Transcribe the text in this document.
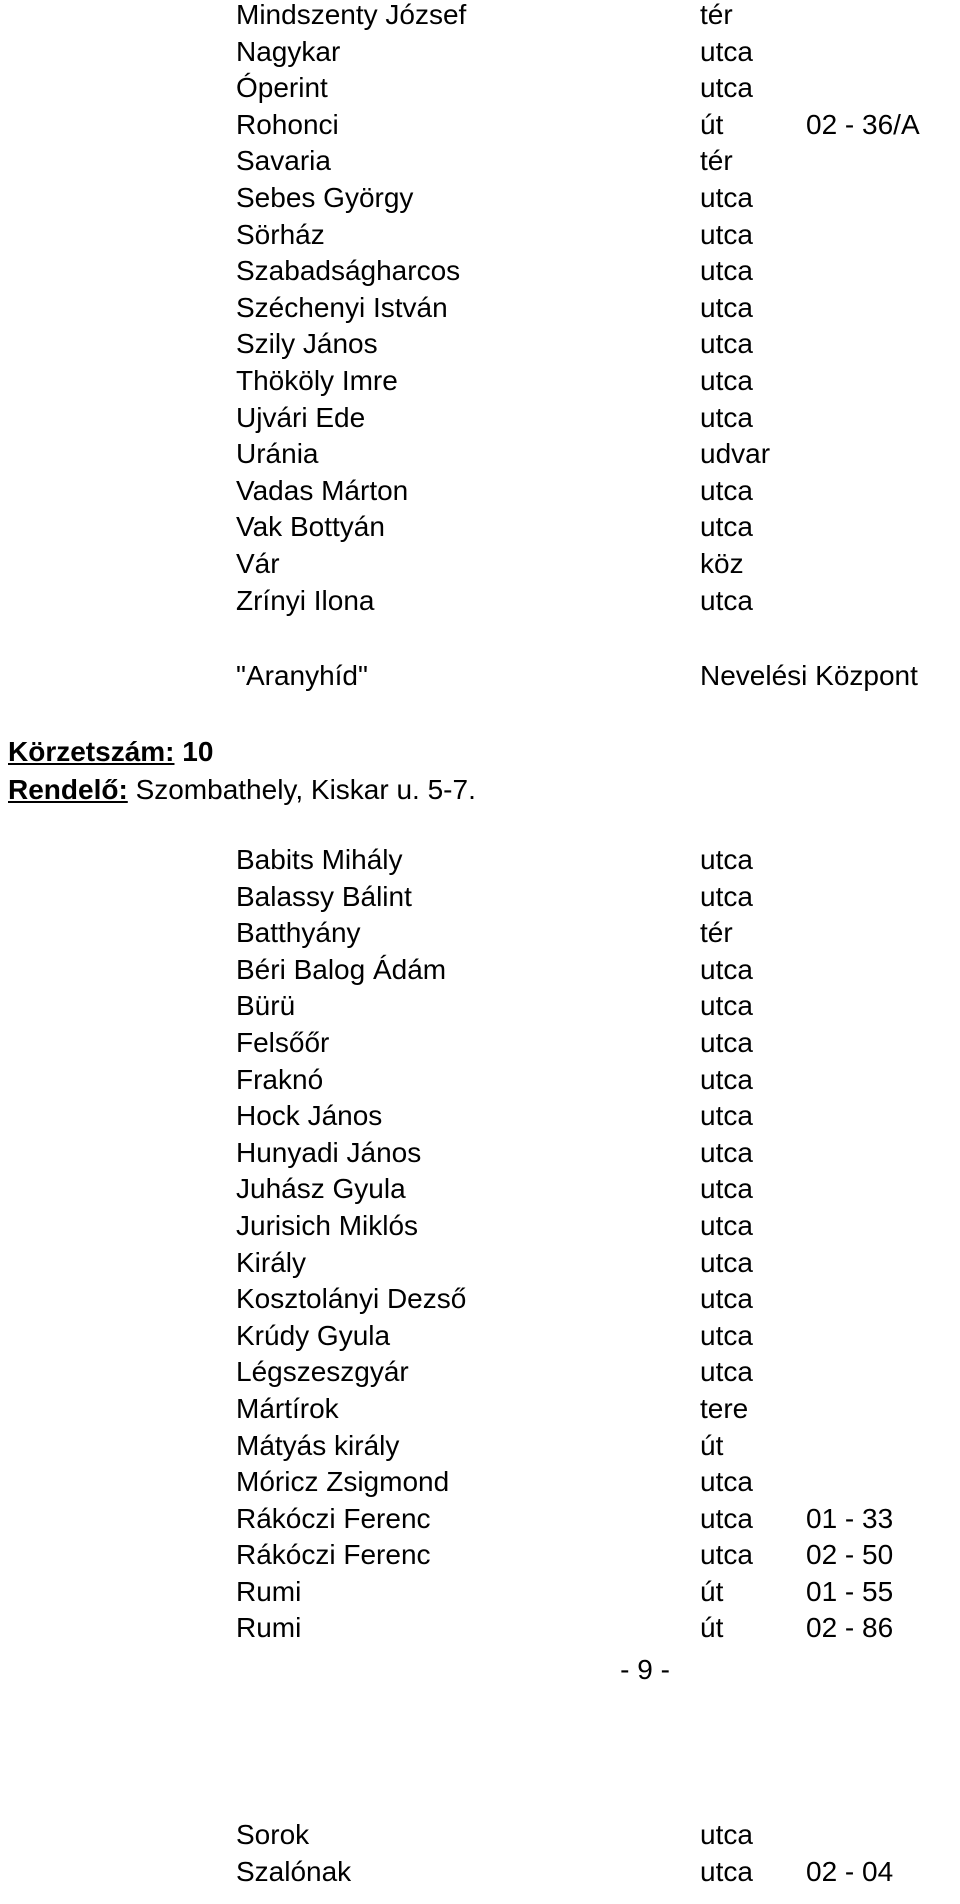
Mindszenty József	tér
Nagykar	utca
Óperint	utca
Rohonci	út	02 - 36/A
Savaria	tér
Sebes György	utca
Sörház	utca
Szabadságharcos	utca
Széchenyi István	utca
Szily János	utca
Thököly Imre	utca
Ujvári Ede	utca
Uránia	udvar
Vadas Márton	utca
Vak Bottyán	utca
Vár	köz
Zrínyi Ilona	utca
"Aranyhíd"	Nevelési Központ
Körzetszám: 10
Rendelő: Szombathely, Kiskar u. 5-7.
Babits Mihály	utca
Balassy Bálint	utca
Batthyány	tér
Béri Balog Ádám	utca
Bürü	utca
Felsőőr	utca
Fraknó	utca
Hock János	utca
Hunyadi János	utca
Juhász Gyula	utca
Jurisich Miklós	utca
Király	utca
Kosztolányi Dezső	utca
Krúdy Gyula	utca
Légszeszgyár	utca
Mártírok	tere
Mátyás király	út
Móricz Zsigmond	utca
Rákóczi Ferenc	utca 01 - 33
Rákóczi Ferenc	utca 02 - 50
Rumi	út	01 - 55
Rumi	út	02 - 86
- 9 -
Sorok	utca
Szalónak	utca 02 - 04
